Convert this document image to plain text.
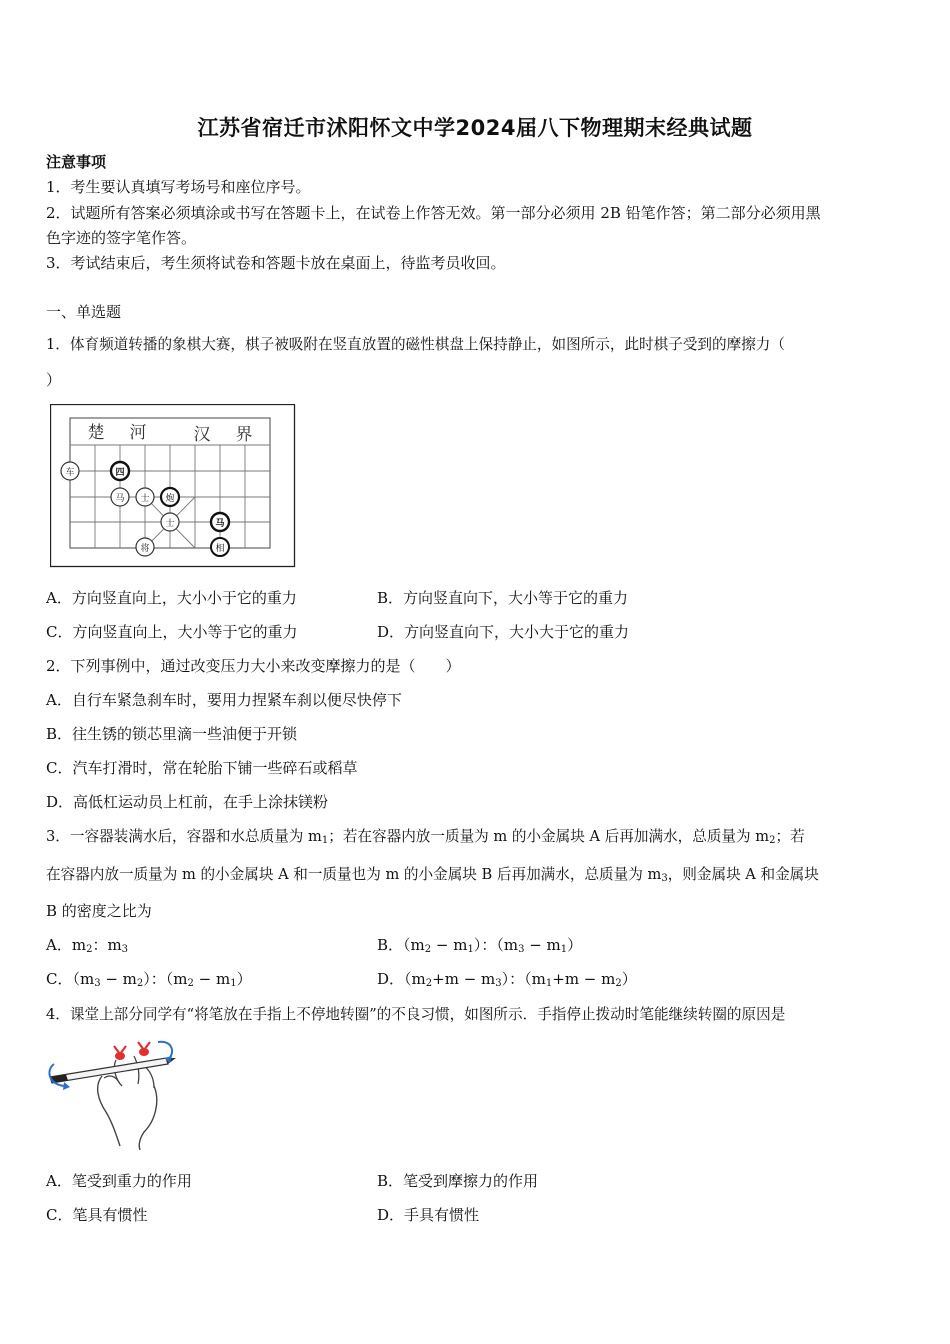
江苏省宿迁市沭阳怀文中学2024届八下物理期末经典试题
注意事项
1．考生要认真填写考场号和座位序号。
2．试题所有答案必须填涂或书写在答题卡上，在试卷上作答无效。第一部分必须用 2B 铅笔作答；第二部分必须用黑
色字迹的签字笔作答。
3．考试结束后，考生须将试卷和答题卡放在桌面上，待监考员收回。
一、单选题
1．体育频道转播的象棋大赛，棋子被吸附在竖直放置的磁性棋盘上保持静止，如图所示，此时棋子受到的摩擦力（
）
楚 河	汉 界
车	四
马 士 炮
士	马
将	相
A．方向竖直向上，大小小于它的重力	B．方向竖直向下，大小等于它的重力
C．方向竖直向上，大小等于它的重力	D．方向竖直向下，大小大于它的重力
2．下列事例中，通过改变压力大小来改变摩擦力的是（　　）
A．自行车紧急刹车时，要用力捏紧车刹以便尽快停下
B．往生锈的锁芯里滴一些油便于开锁
C．汽车打滑时，常在轮胎下铺一些碎石或稻草
D．高低杠运动员上杠前，在手上涂抹镁粉
3．一容器装满水后，容器和水总质量为 $m_1$；若在容器内放一质量为 m 的小金属块 A 后再加满水，总质量为 $m_2$；若
在容器内放一质量为 m 的小金属块 A 和一质量也为 m 的小金属块 B 后再加满水，总质量为 $m_3$，则金属块 A 和金属块
B 的密度之比为
A．$m_2$：$m_3$	B．$(m_2 - m_1)$：$(m_3 - m_1)$
C．$(m_3 - m_2)$：$(m_2 - m_1)$	D．$(m_2+m - m_3)$：$(m_1+m - m_2)$
4．课堂上部分同学有“将笔放在手指上不停地转圈”的不良习惯，如图所示．手指停止拨动时笔能继续转圈的原因是
A．笔受到重力的作用	B．笔受到摩擦力的作用
C．笔具有惯性	D．手具有惯性
